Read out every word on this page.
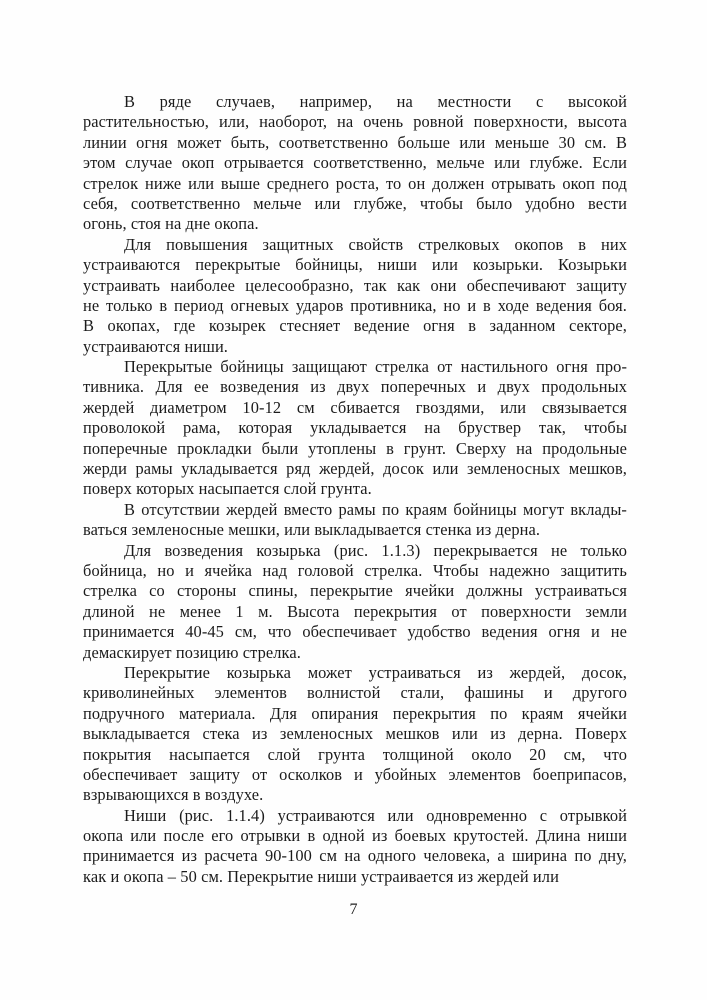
В ряде случаев, например, на местности с высокой
растительностью, или, наоборот, на очень ровной поверхности, высота
линии огня может быть, соответственно больше или меньше 30 см. В
этом случае окоп отрывается соответственно, мельче или глубже. Если
стрелок ниже или выше среднего роста, то он должен отрывать окоп под
себя, соответственно мельче или глубже, чтобы было удобно вести
огонь, стоя на дне окопа.

Для повышения защитных свойств стрелковых окопов в них
устраиваются перекрытые бойницы, ниши или козырьки. Козырьки
устраивать наиболее целесообразно, так как они обеспечивают защиту
не только в период огневых ударов противника, но и в ходе ведения боя.
В окопах, где козырек стесняет ведение огня в заданном секторе,
устраиваются ниши.

Перекрытые бойницы защищают стрелка от настильного огня про-
тивника. Для ее возведения из двух поперечных и двух продольных
жердей диаметром 10-12 см сбивается гвоздями, или связывается
проволокой рама, которая укладывается на бруствер так, чтобы
поперечные прокладки были утоплены в грунт. Сверху на продольные
жерди рамы укладывается ряд жердей, досок или земленосных мешков,
поверх которых насыпается слой грунта.

В отсутствии жердей вместо рамы по краям бойницы могут вклады-
ваться земленосные мешки, или выкладывается стенка из дерна.

Для возведения козырька (рис. 1.1.3) перекрывается не только
бойница, но и ячейка над головой стрелка. Чтобы надежно защитить
стрелка со стороны спины, перекрытие ячейки должны устраиваться
длиной не менее 1 м. Высота перекрытия от поверхности земли
принимается 40-45 см, что обеспечивает удобство ведения огня и не
демаскирует позицию стрелка.

Перекрытие козырька может устраиваться из жердей, досок,
криволинейных элементов волнистой стали, фашины и другого
подручного материала. Для опирания перекрытия по краям ячейки
выкладывается стека из земленосных мешков или из дерна. Поверх
покрытия насыпается слой грунта толщиной около 20 см, что
обеспечивает защиту от осколков и убойных элементов боеприпасов,
взрывающихся в воздухе.

Ниши (рис. 1.1.4) устраиваются или одновременно с отрывкой
окопа или после его отрывки в одной из боевых крутостей. Длина ниши
принимается из расчета 90-100 см на одного человека, а ширина по дну,
как и окопа – 50 см. Перекрытие ниши устраивается из жердей или

7
